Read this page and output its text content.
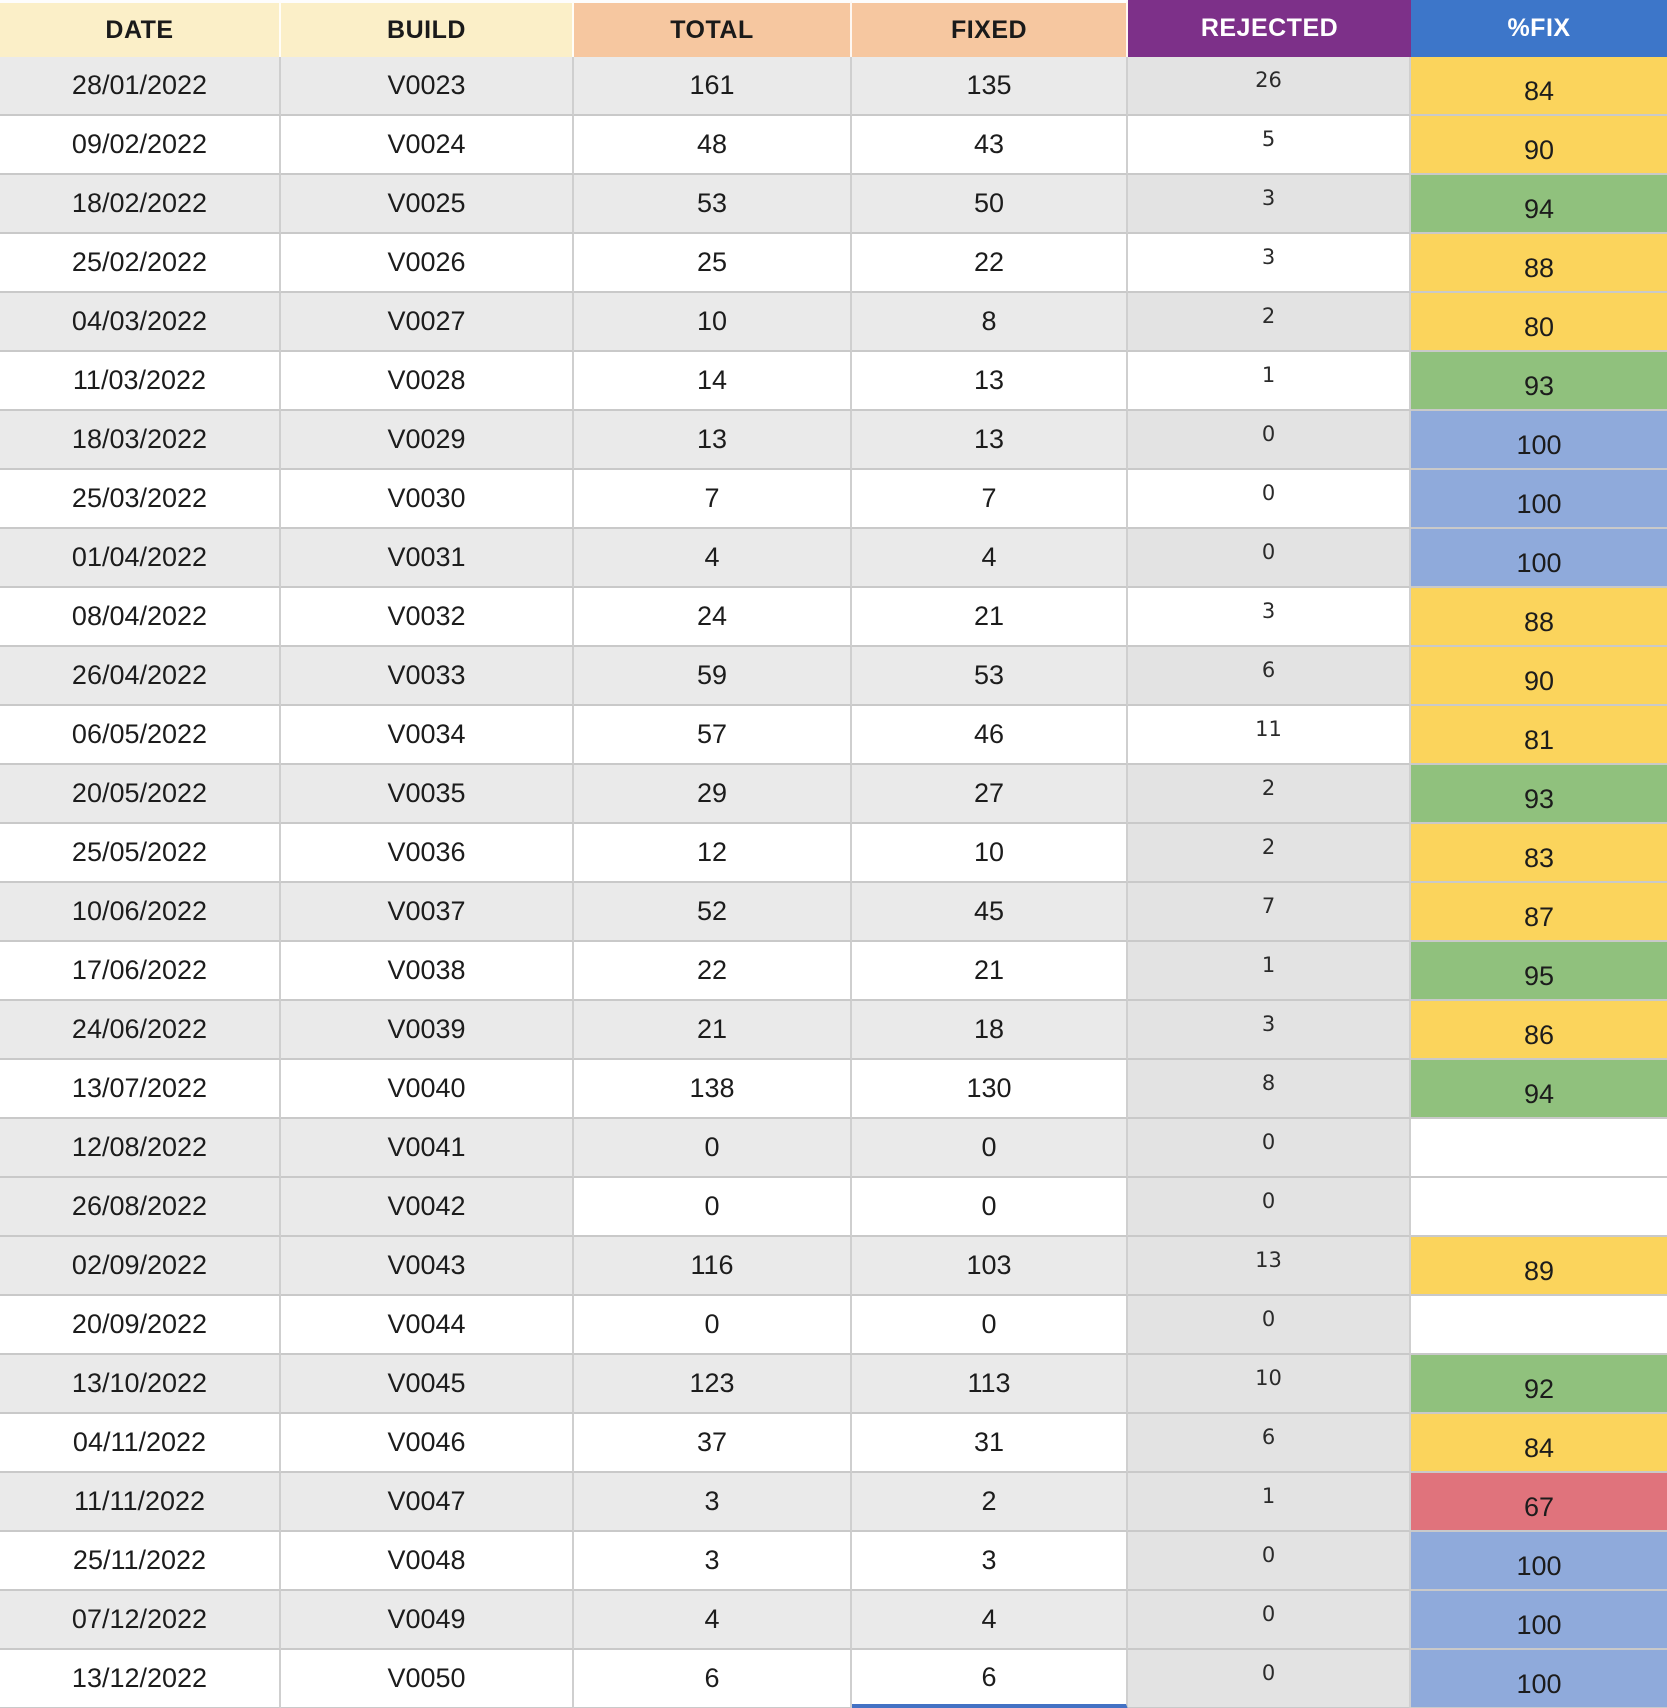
DATE	BUILD	TOTAL	FIXED	REJECTED	%FIX
28/01/2022	V0023	161	135	26	84
09/02/2022	V0024	48	43	5	90
18/02/2022	V0025	53	50	3	94
25/02/2022	V0026	25	22	3	88
04/03/2022	V0027	10	8	2	80
11/03/2022	V0028	14	13	1	93
18/03/2022	V0029	13	13	0	100
25/03/2022	V0030	7	7	0	100
01/04/2022	V0031	4	4	0	100
08/04/2022	V0032	24	21	3	88
26/04/2022	V0033	59	53	6	90
06/05/2022	V0034	57	46	11	81
20/05/2022	V0035	29	27	2	93
25/05/2022	V0036	12	10	2	83
10/06/2022	V0037	52	45	7	87
17/06/2022	V0038	22	21	1	95
24/06/2022	V0039	21	18	3	86
13/07/2022	V0040	138	130	8	94
12/08/2022	V0041	0	0	0
26/08/2022	V0042	0	0	0
02/09/2022	V0043	116	103	13	89
20/09/2022	V0044	0	0	0
13/10/2022	V0045	123	113	10	92
04/11/2022	V0046	37	31	6	84
11/11/2022	V0047	3	2	1	67
25/11/2022	V0048	3	3	0	100
07/12/2022	V0049	4	4	0	100
13/12/2022	V0050	6	6	0	100
